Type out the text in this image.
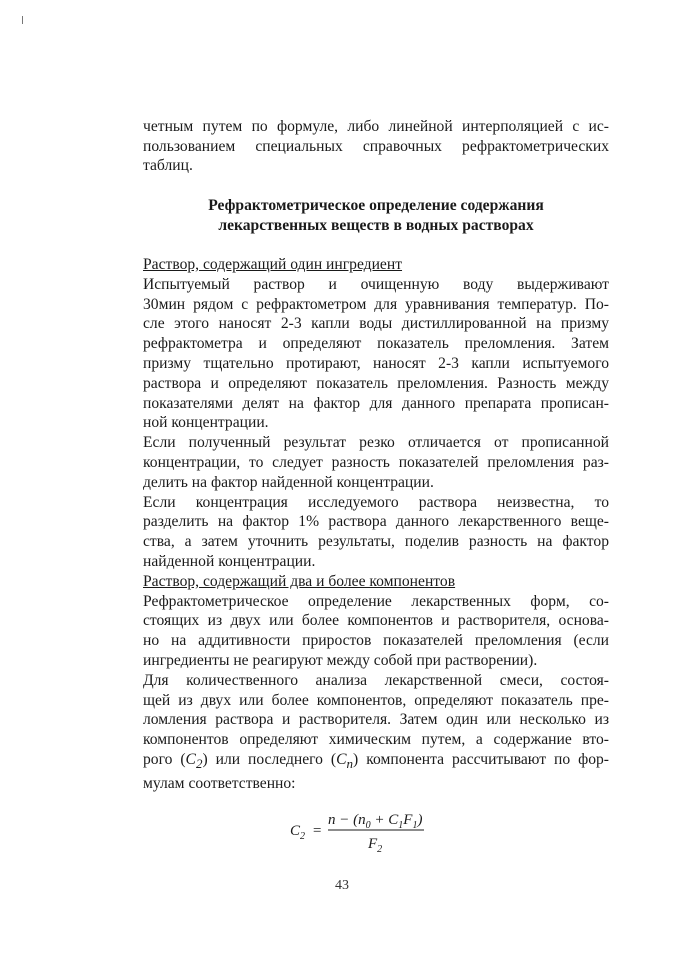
четным путем по формуле, либо линейной интерполяцией с ис-
пользованием специальных справочных рефрактометрических
таблиц.
Рефрактометрическое определение содержания
лекарственных веществ в водных растворах

Раствор, содержащий один ингредиент

Испытуемый раствор и очищенную воду выдерживают
30мин рядом с рефрактометром для уравнивания температур. По-
сле этого наносят 2-3 капли воды дистиллированной на призму
рефрактометра и определяют показатель преломления. Затем
призму тщательно протирают, наносят 2-3 капли испытуемого
раствора и определяют показатель преломления. Разность между
показателями делят на фактор для данного препарата прописан-
ной концентрации.
Если полученный результат резко отличается от прописанной
концентрации, то следует разность показателей преломления раз-
делить на фактор найденной концентрации.
Если концентрация исследуемого раствора неизвестна, то
разделить на фактор 1% раствора данного лекарственного веще-
ства, а затем уточнить результаты, поделив разность на фактор
найденной концентрации.

Раствор, содержащий два и более компонентов

Рефрактометрическое определение лекарственных форм, со-
стоящих из двух или более компонентов и растворителя, основа-
но на аддитивности приростов показателей преломления (если
ингредиенты не реагируют между собой при растворении).
Для количественного анализа лекарственной смеси, состоя-
щей из двух или более компонентов, определяют показатель пре-
ломления раствора и растворителя. Затем один или несколько из
компонентов определяют химическим путем, а содержание вто-
рого $(C_2)$ или последнего $(C_n)$ компонента рассчитывают по фор-
мулам соответственно:
$C_2$ =
$n - (n_0 + C_1F_1)$
$F_2$
43
